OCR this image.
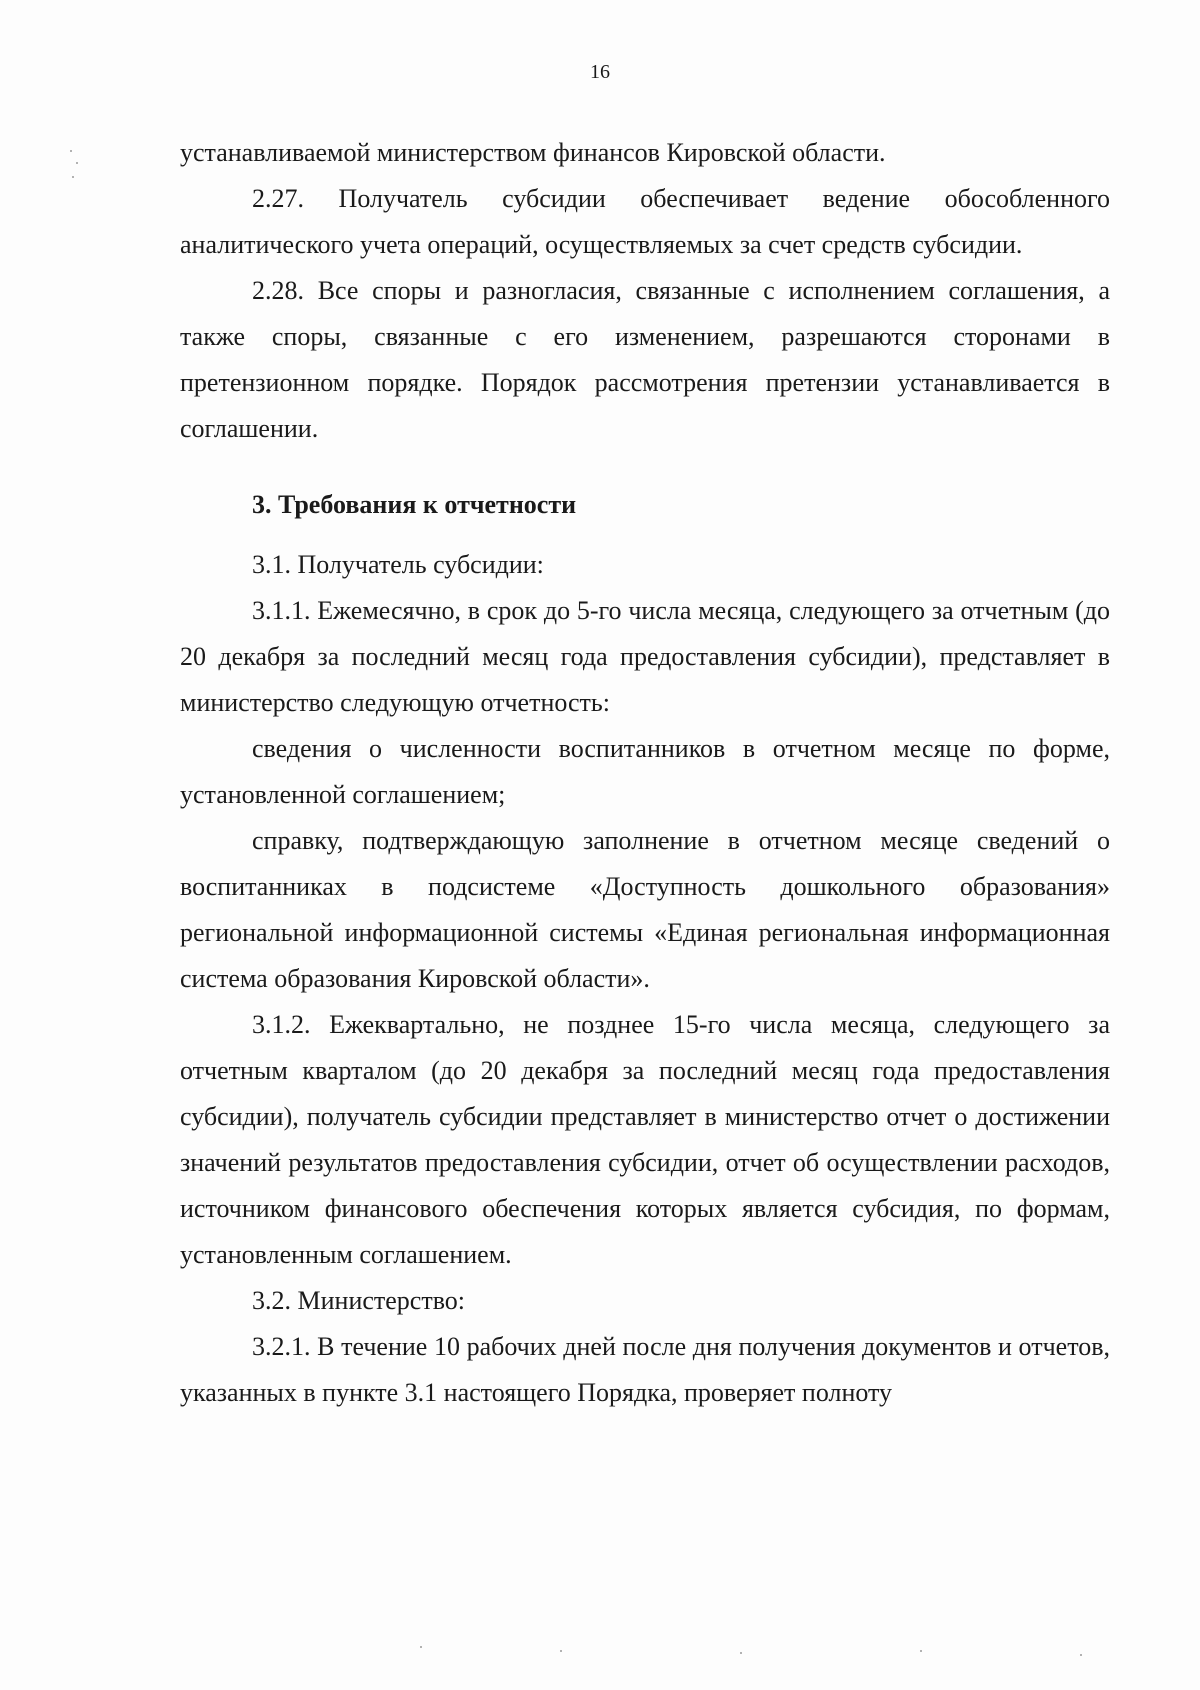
16

устанавливаемой министерством финансов Кировской области.

2.27. Получатель субсидии обеспечивает ведение обособленного аналитического учета операций, осуществляемых за счет средств субсидии.

2.28. Все споры и разногласия, связанные с исполнением соглашения, а также споры, связанные с его изменением, разрешаются сторонами в претензионном порядке. Порядок рассмотрения претензии устанавливается в соглашении.

3. Требования к отчетности

3.1. Получатель субсидии:

3.1.1. Ежемесячно, в срок до 5-го числа месяца, следующего за отчетным (до 20 декабря за последний месяц года предоставления субсидии), представляет в министерство следующую отчетность:

сведения о численности воспитанников в отчетном месяце по форме, установленной соглашением;

справку, подтверждающую заполнение в отчетном месяце сведений о воспитанниках в подсистеме «Доступность дошкольного образования» региональной информационной системы «Единая региональная информационная система образования Кировской области».

3.1.2. Ежеквартально, не позднее 15-го числа месяца, следующего за отчетным кварталом (до 20 декабря за последний месяц года предоставления субсидии), получатель субсидии представляет в министерство отчет о достижении значений результатов предоставления субсидии, отчет об осуществлении расходов, источником финансового обеспечения которых является субсидия, по формам, установленным соглашением.

3.2. Министерство:

3.2.1. В течение 10 рабочих дней после дня получения документов и отчетов, указанных в пункте 3.1 настоящего Порядка, проверяет полноту
